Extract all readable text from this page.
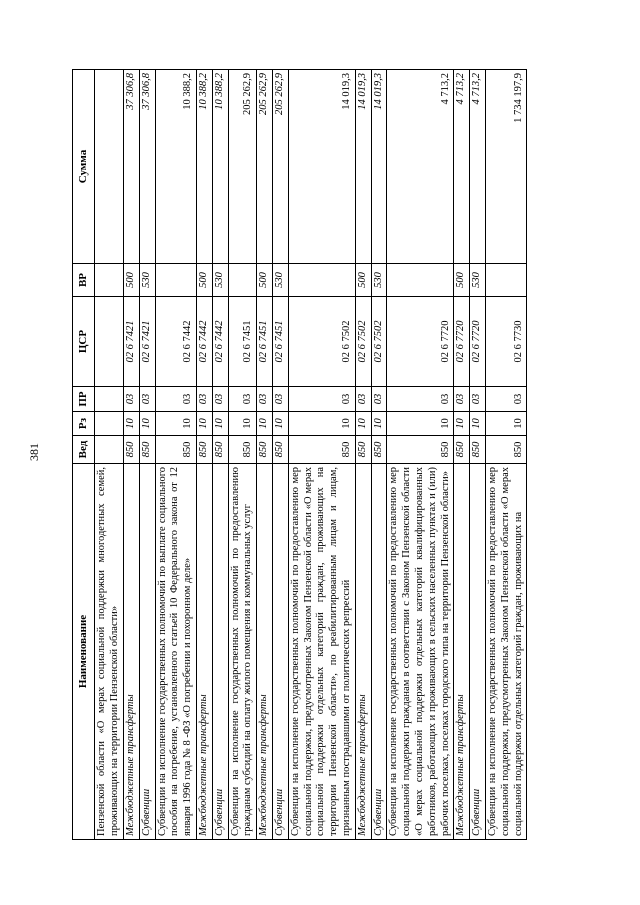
381
Наименование	Вед	Рз	ПР	ЦСР	ВР	Сумма
Пензенской области «О мерах социальной поддержки многодетных семей, проживающих на территории Пензенской области»						
Межбюджетные трансферты	850	10	03	02 6 7421	500	37 306,8
Субвенции	850	10	03	02 6 7421	530	37 306,8
Субвенции на исполнение государственных полномочий по выплате социального пособия на погребение, установленного статьей 10 Федерального закона от 12 января 1996 года № 8 -ФЗ «О погребении и похоронном деле»	850	10	03	02 6 7442		10 388,2
Межбюджетные трансферты	850	10	03	02 6 7442	500	10 388,2
Субвенции	850	10	03	02 6 7442	530	10 388,2
Субвенции на исполнение государственных полномочий по предоставлению гражданам субсидий на оплату жилого помещения и коммунальных услуг	850	10	03	02 6 7451		205 262,9
Межбюджетные трансферты	850	10	03	02 6 7451	500	205 262,9
Субвенции	850	10	03	02 6 7451	530	205 262,9
Субвенции на исполнение государственных полномочий по предоставлению мер социальной поддержки, предусмотренных Законом Пензенской области «О мерах социальной поддержки отдельных категорий граждан, проживающих на территории Пензенской области», по реабилитированным лицам и лицам, признанным пострадавшими от политических репрессий	850	10	03	02 6 7502		14 019,3
Межбюджетные трансферты	850	10	03	02 6 7502	500	14 019,3
Субвенции	850	10	03	02 6 7502	530	14 019,3
Субвенции на исполнение государственных полномочий по предоставлению мер социальной поддержки гражданам в соответствии с Законом Пензенской области «О мерах социальной поддержки отдельных категорий квалифицированных работников, работающих и проживающих в сельских населенных пунктах и (или) рабочих поселках, поселках городского типа на территории Пензенской области»	850	10	03	02 6 7720		4 713,2
Межбюджетные трансферты	850	10	03	02 6 7720	500	4 713,2
Субвенции	850	10	03	02 6 7720	530	4 713,2
Субвенции на исполнение государственных полномочий по предоставлению мер социальной поддержки, предусмотренных Законом Пензенской области «О мерах социальной поддержки отдельных категорий граждан, проживающих на	850	10	03	02 6 7730		1 734 197,9
